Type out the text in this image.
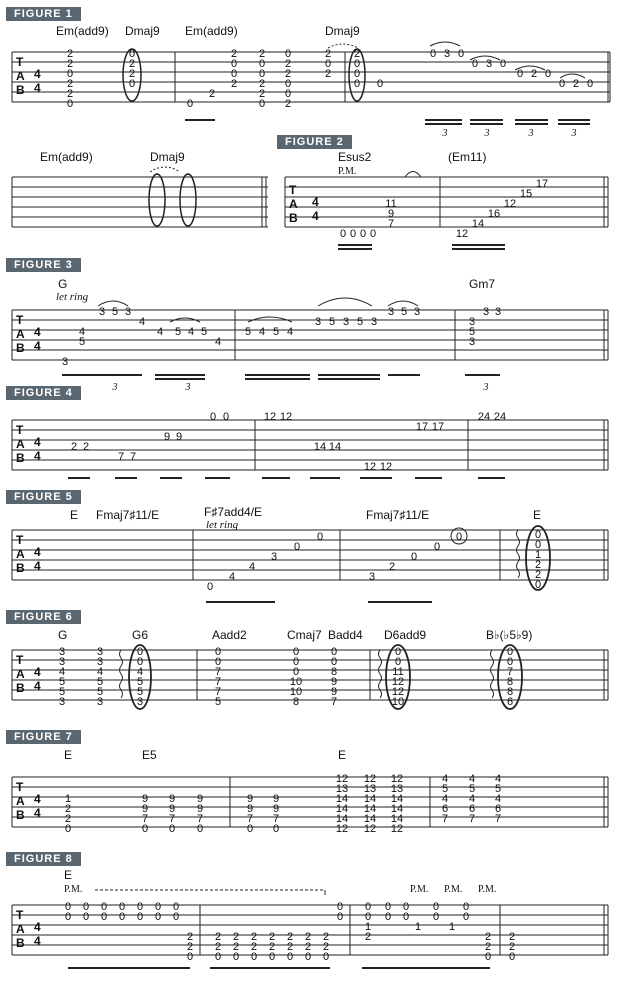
FIGURE 1
Em(add9) Dmaj9 Em(add9)	Dmaj9
T
A
B
4
4
T
A
B
4
4
T
A
B
4
4
T
A
B
4
4
T
A
B
4
4
T
A
B
4
4
T
A
B
4
4
T
A
B
4
4
2
2
0
2
2
0
0
2
2
0
0
2
2
0
0
2
2
0
0
2
2
0
0
2
2
0
0
2
2
0
2
2
0
0
0 0
0 3 0
0 3 0
0 2 0
0 2 0
11
9
7
0 0 0 0	12
14
16
12
15
17
3
4
5
3 5 3
4
4 5 4 5
4
5 4 5 4
3 5 3 5 3
3 5 3
3
5
3
3 3
2 2
7 7
9 9
0 0	12 12
14 14
12 12
17 17
24 24
0
4
4
3
0
0
3
2
0
0
0	0
0
1
2
2
0
3
3
4
5
5
3
3
3
4
5
5
3
0
0
4
5
5
3
0
0
7
7
7
5
0
0
0
10
10
8
0
0
8
9
9
7
0
0
11
12
12
10
0
0
7
8
8
6
1
2
2
0
9
9
7
0
9
9
7
0
9
9
7
0
9
9
7
0
9
9
7
0
12
13
14
14
14
12
12
13
14
14
14
12
12
13
14
14
14
12
4
5
4
6
7
4
5
4
6
7
4
5
4
6
7
0
0
0
0
0
0
0
0
0
0
0
0
0
0
2
2
0
2
2
0
2
2
0
2
2
0
2
2
0
2
2
0
2
2
0
2
2
0
0
0
0
0
1
2
0
0
0
0
1
0
0
1
0
0
2
2
0
2
2
0
3	3	3	3
3	3	3
FIGURE 2
Em(add9)	Dmaj9	Esus2	(Em11)
P.M.
FIGURE 3
G
let ring
Gm7
FIGURE 4
FIGURE 5
E Fmaj7♯11/E	F♯7add4/E
let ring
Fmaj7♯11/E	E
FIGURE 6
G	G6	Aadd2	Cmaj7 Badd4 D6add9	B♭(♭5♭9)
FIGURE 7
E	E5	E
FIGURE 8
E
P.M.	P.M. P.M. P.M.
